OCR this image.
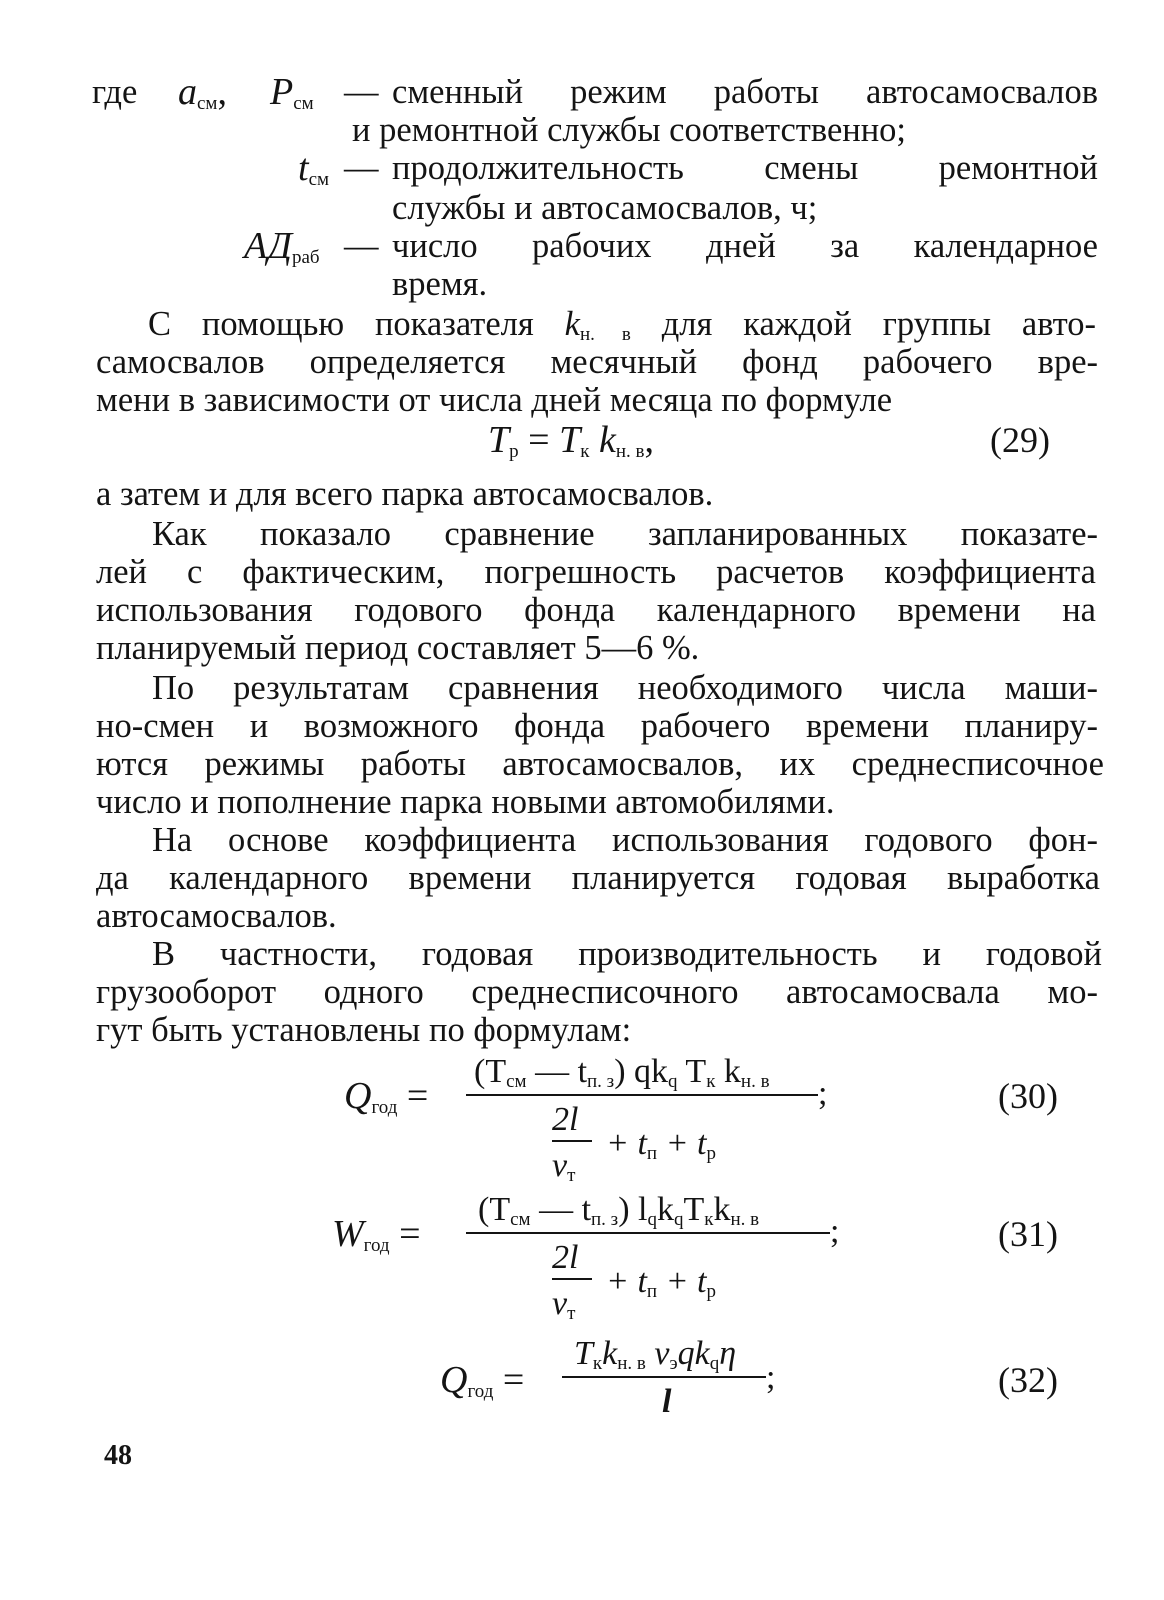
где $a_{см}$, $P_{см}$ — сменный режим работы автосамосвалов
и ремонтной службы соответственно;
$t_{см}$ — продолжительность смены ремонтной
службы и автосамосвалов, ч;
$АД_{раб}$ — число рабочих дней за календарное
время.
С помощью показателя $k_{н. в}$ для каждой группы авто-
самосвалов определяется месячный фонд рабочего вре-
мени в зависимости от числа дней месяца по формуле
$T_р = T_к$ $k_{н. в}$,	(29)
а затем и для всего парка автосамосвалов.
Как показало сравнение запланированных показате-
лей с фактическим, погрешность расчетов коэффициента
использования годового фонда календарного времени на
планируемый период составляет 5—6 %.
По результатам сравнения необходимого числа маши-
но-смен и возможного фонда рабочего времени планиру-
ются режимы работы автосамосвалов, их среднесписочное
число и пополнение парка новыми автомобилями.
На основе коэффициента использования годового фон-
да календарного времени планируется годовая выработка
автосамосвалов.
В частности, годовая производительность и годовой
грузооборот одного среднесписочного автосамосвала мо-
гут быть установлены по формулам:
$Q_{год}$ =
($T_{см}$ — $t_{п. з}$) $qk_q$ $T_к$ $k_{н. в}$ ;
2l
$v_т$
+ $t_п + t_р$
(30)
$W_{год}$ =
($T_{см}$ — $t_{п. з}$) $l_qk_qT_кk_{н. в}$ ;
2l
$v_т$
+ $t_п + t_р$
(31)
$Q_{год}$ =
$T_кk_{н. в}$ $v_эqk_q\eta$
;
l
(32)
48
